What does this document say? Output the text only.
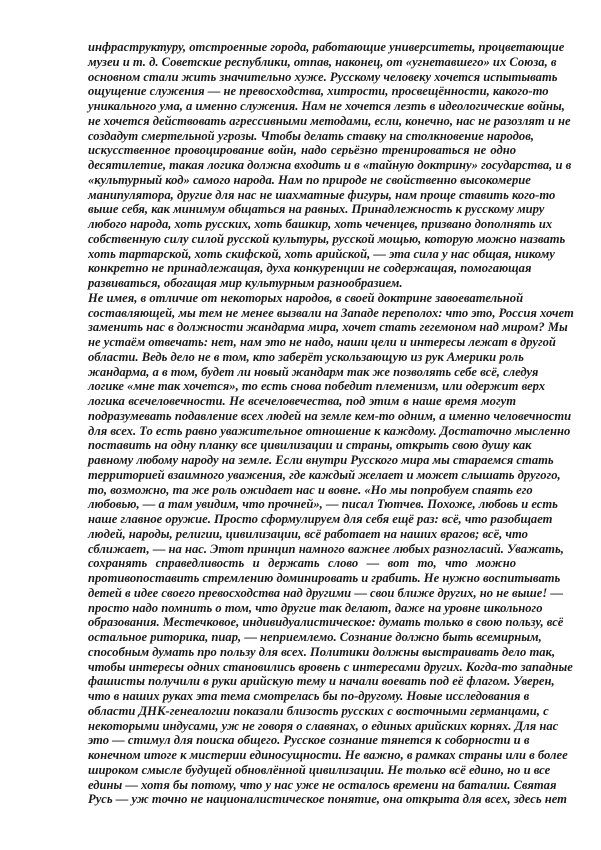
инфраструктуру, отстроенные города, работающие университеты, процветающие
музеи и т. д. Советские республики, отпав, наконец, от «угнетавшего» их Союза, в
основном стали жить значительно хуже. Русскому человеку хочется испытывать
ощущение служения — не превосходства, хитрости, просвещённости, какого-то
уникального ума, а именно служения. Нам не хочется лезть в идеологические войны,
не хочется действовать агрессивными методами, если, конечно, нас не разозлят и не
создадут смертельной угрозы. Чтобы делать ставку на столкновение народов,
искусственное провоцирование войн, надо серьёзно тренироваться не одно
десятилетие, такая логика должна входить и в «тайную доктрину» государства, и в
«культурный код» самого народа. Нам по природе не свойственно высокомерие
манипулятора, другие для нас не шахматные фигуры, нам проще ставить кого-то
выше себя, как минимум общаться на равных. Принадлежность к русскому миру
любого народа, хоть русских, хоть башкир, хоть чеченцев, призвано дополнять их
собственную силу силой русской культуры, русской мощью, которую можно назвать
хоть тартарской, хоть скифской, хоть арийской, — эта сила у нас общая, никому
конкретно не принадлежащая, духа конкуренции не содержащая, помогающая
развиваться, обогащая мир культурным разнообразием.
Не имея, в отличие от некоторых народов, в своей доктрине завоевательной
составляющей, мы тем не менее вызвали на Западе переполох: что это, Россия хочет
заменить нас в должности жандарма мира, хочет стать гегемоном над миром? Мы
не устаём отвечать: нет, нам это не надо, наши цели и интересы лежат в другой
области. Ведь дело не в том, кто заберёт ускользающую из рук Америки роль
жандарма, а в том, будет ли новый жандарм так же позволять себе всё, следуя
логике «мне так хочется», то есть снова победит племенизм, или одержит верх
логика всечеловечности. Не всечеловечества, под этим в наше время могут
подразумевать подавление всех людей на земле кем-то одним, а именно человечности
для всех. То есть равно уважительное отношение к каждому. Достаточно мысленно
поставить на одну планку все цивилизации и страны, открыть свою душу как
равному любому народу на земле. Если внутри Русского мира мы стараемся стать
территорией взаимного уважения, где каждый желает и может слышать другого,
то, возможно, та же роль ожидает нас и вовне. «Но мы попробуем спаять его
любовью, — а там увидим, что прочней», — писал Тютчев. Похоже, любовь и есть
наше главное оружие. Просто сформулируем для себя ещё раз: всё, что разобщает
людей, народы, религии, цивилизации, всё работает на наших врагов; всё, что
сближает, — на нас. Этот принцип намного важнее любых разногласий. Уважать,
сохранять справедливость и держать слово — вот то, что можно
противопоставить стремлению доминировать и грабить. Не нужно воспитывать
детей в идее своего превосходства над другими — свои ближе других, но не выше! —
просто надо помнить о том, что другие так делают, даже на уровне школьного
образования. Местечковое, индивидуалистическое: думать только в свою пользу, всё
остальное риторика, пиар, — неприемлемо. Сознание должно быть всемирным,
способным думать про пользу для всех. Политики должны выстраивать дело так,
чтобы интересы одних становились вровень с интересами других. Когда-то западные
фашисты получили в руки арийскую тему и начали воевать под её флагом. Уверен,
что в наших руках эта тема смотрелась бы по-другому. Новые исследования в
области ДНК-генеалогии показали близость русских с восточными германцами, с
некоторыми индусами, уж не говоря о славянах, о единых арийских корнях. Для нас
это — стимул для поиска общего. Русское сознание тянется к соборности и в
конечном итоге к мистерии единосущности. Не важно, в рамках страны или в более
широком смысле будущей обновлённой цивилизации. Не только всё едино, но и все
едины — хотя бы потому, что у нас уже не осталось времени на баталии. Святая
Русь — уж точно не националистическое понятие, она открыта для всех, здесь нет
